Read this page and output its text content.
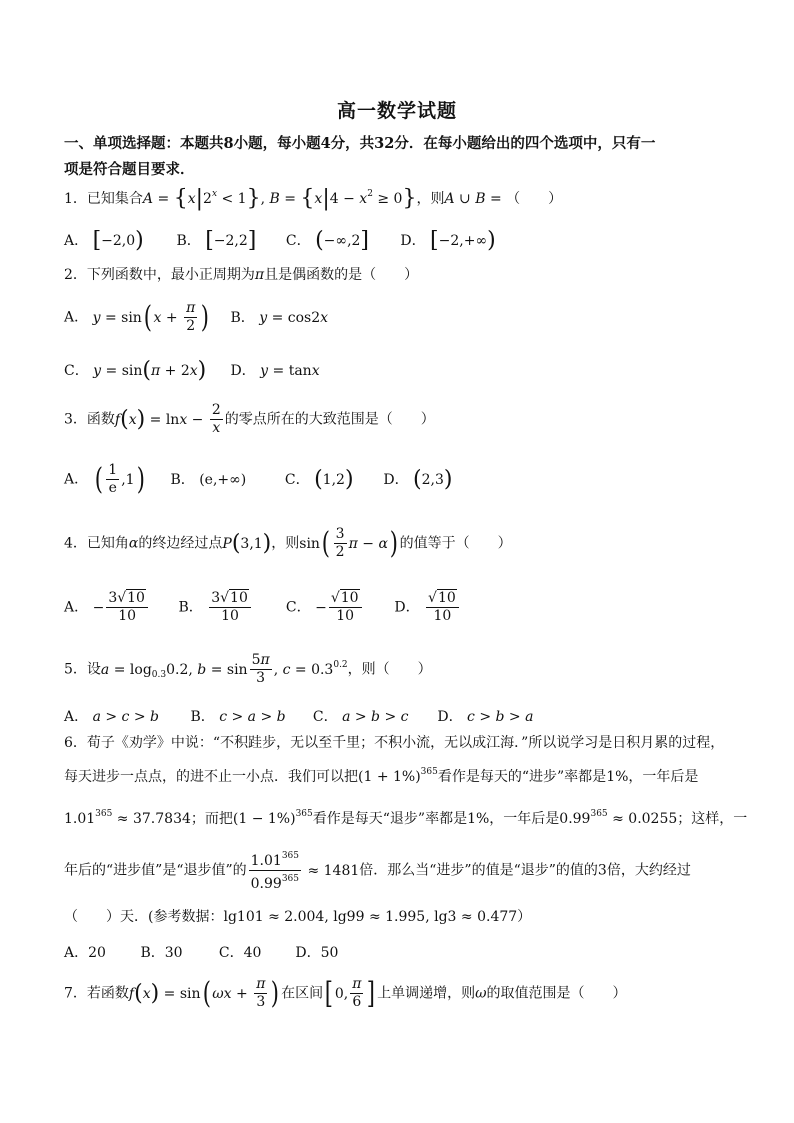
高一数学试题
一、单项选择题：本题共8小题，每小题4分，共32分．在每小题给出的四个选项中，只有一
项是符合题目要求．
1．已知集合$A = \{x|2^x < 1\}$, $B = \{x|4 - x^2 \ge 0\}$，则A ∪ B = （　　）
A． [−2,0) B． [−2,2] C． (−∞,2] D． [−2,+∞)
2．下列函数中，最小正周期为π且是偶函数的是（　　）
A． y = sin( $x + \frac{\pi}{2}$ ) B． y = cos2x
C． y = sin(π + 2x) D． y = tanx
3．函数$f(x) = \ln x - \frac{2}{x}$ 的零点所在的大致范围是（　　）
A． ( $\frac{1}{e} ,1$) B． (e,+∞)	C． (1,2) D． (2,3)
4．已知角α的终边经过点P(3,1)，则$\sin( \frac{3}{2}$ π − α) 的值等于（　　）
A． − $\frac{3√10}{10}$ B． $\frac{3√10}{10}$	C． − $\frac{√10}{10}$ D． $\frac{√10}{10}$
5．设$a = \log_{0.3}0.2$, $b = \sin \frac{5\pi}{3}$ , $c = 0.3^{0.2}$，则（　　）
A． a > c > b B． c > a > b C． a > b > c D． c > b > a
6．荀子《劝学》中说：“不积跬步，无以至千里；不积小流，无以成江海．”所以说学习是日积月累的过程，
每天进步一点点，的进不止一小点．我们可以把$(1 + 1\%)^{365}$看作是每天的“进步”率都是1%，一年后是
$1.01^{365} \approx 37.7834$；而把$(1 - 1\%)^{365}$看作是每天“退步”率都是1%，一年后是$0.99^{365} \approx 0.0255$；这样，一
年后的“进步值”是“退步值”的 $\frac{1.01^{365}}{0.99^{365}} \approx 1481$倍．那么当“进步”的值是“退步”的值的3倍，大约经过
（　　）天．(参考数据：lg101 ≈ 2.004, lg99 ≈ 1.995, lg3 ≈ 0.477）
A．20 B．30	C．40 D．50
7．若函数f(x) = sin( $\omega x + \frac{\pi}{3}$ ) 在区间[ 0, $\frac{\pi}{6}$ ] 上单调递增，则ω的取值范围是（　　）
